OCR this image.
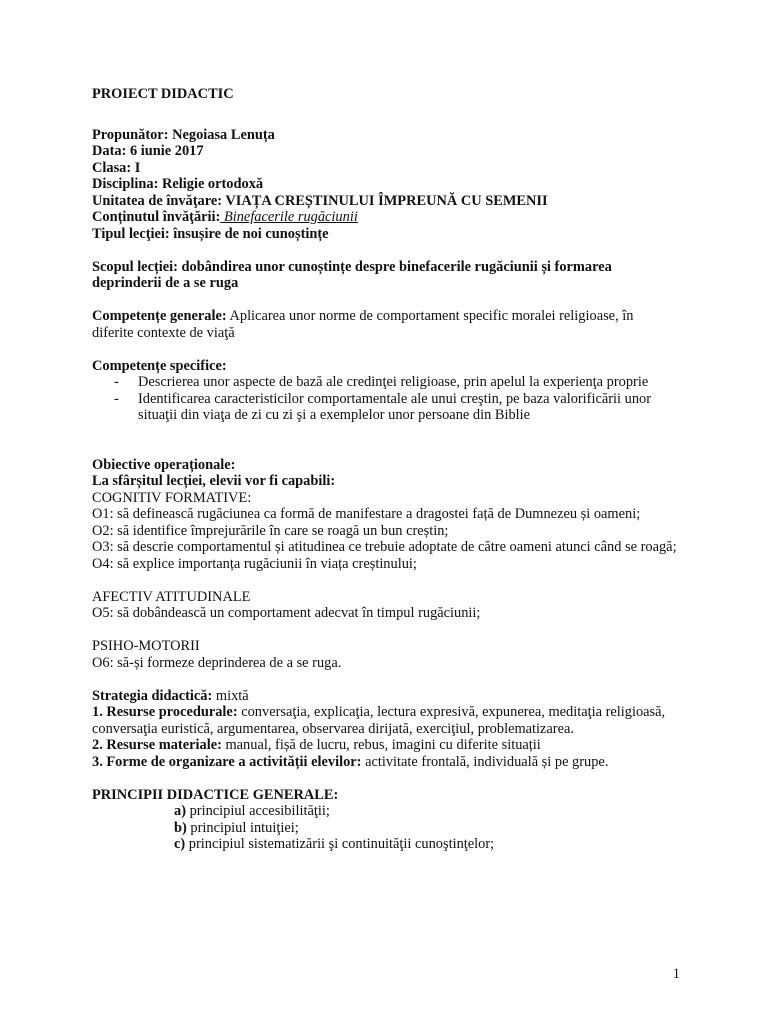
PROIECT DIDACTIC

Propunător: Negoiasa Lenuța

Data: 6 iunie 2017

Clasa: I

Disciplina: Religie ortodoxă

Unitatea de învăţare: VIAȚA CREȘTINULUI ÎMPREUNĂ CU SEMENII

Conținutul învăţării: Binefacerile rugăciunii

Tipul lecţiei: însușire de noi cunoștințe

Scopul lecției: dobândirea unor cunoștințe despre binefacerile rugăciunii și formarea deprinderii de a se ruga

Competențe generale: Aplicarea unor norme de comportament specific moralei religioase, în diferite contexte de viaţă

Competențe specifice:

- Descrierea unor aspecte de bază ale credinţei religioase, prin apelul la experienţa proprie
- Identificarea caracteristicilor comportamentale ale unui creştin, pe baza valorificării unor situaţii din viaţa de zi cu zi şi a exemplelor unor persoane din Biblie

Obiective operaționale:

La sfârșitul lecției, elevii vor fi capabili:

COGNITIV FORMATIVE:

O1: să definească rugăciunea ca formă de manifestare a dragostei față de Dumnezeu și oameni;

O2: să identifice împrejurările în care se roagă un bun creștin;

O3: să descrie comportamentul și atitudinea ce trebuie adoptate de către oameni atunci când se roagă;

O4: să explice importanța rugăciunii în viața creștinului;

AFECTIV ATITUDINALE

O5: să dobândească un comportament adecvat în timpul rugăciunii;

PSIHO-MOTORII

O6: să-și formeze deprinderea de a se ruga.

Strategia didactică: mixtă

1. Resurse procedurale: conversaţia, explicaţia, lectura expresivă, expunerea, meditaţia religioasă, conversaţia euristică, argumentarea, observarea dirijată, exerciţiul, problematizarea.

2. Resurse materiale: manual, fișă de lucru, rebus, imagini cu diferite situații

3. Forme de organizare a activității elevilor: activitate frontală, individuală și pe grupe.

PRINCIPII DIDACTICE GENERALE:

a) principiul accesibilităţii;

b) principiul intuiţiei;

c) principiul sistematizării şi continuităţii cunoştinţelor;

1
